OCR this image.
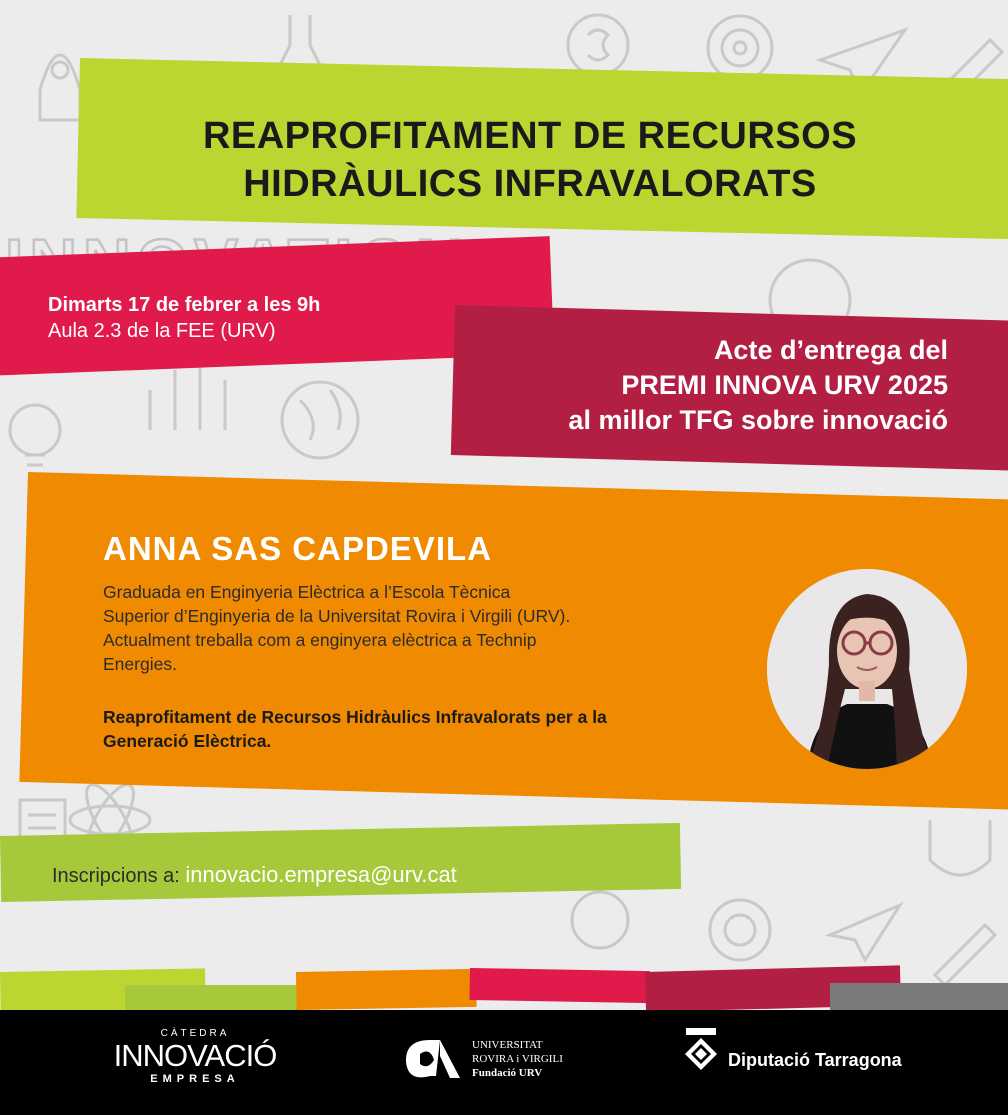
REAPROFITAMENT DE RECURSOS
HIDRÀULICS INFRAVALORATS
Dimarts 17 de febrer a les 9h
Aula 2.3 de la FEE (URV)
Acte d’entrega del
PREMI INNOVA URV 2025
al millor TFG sobre innovació
ANNA SAS CAPDEVILA
Graduada en Enginyeria Elèctrica a l’Escola Tècnica
Superior d’Enginyeria de la Universitat Rovira i Virgili (URV).
Actualment treballa com a enginyera elèctrica a Technip
Energies.
Reaprofitament de Recursos Hidràulics Infravalorats per a la
Generació Elèctrica.
Inscripcions a: innovacio.empresa@urv.cat
CÀTEDRA
INNOVACIÓ
EMPRESA
UNIVERSITAT
ROVIRA i VIRGILI
Fundació URV
Diputació Tarragona
